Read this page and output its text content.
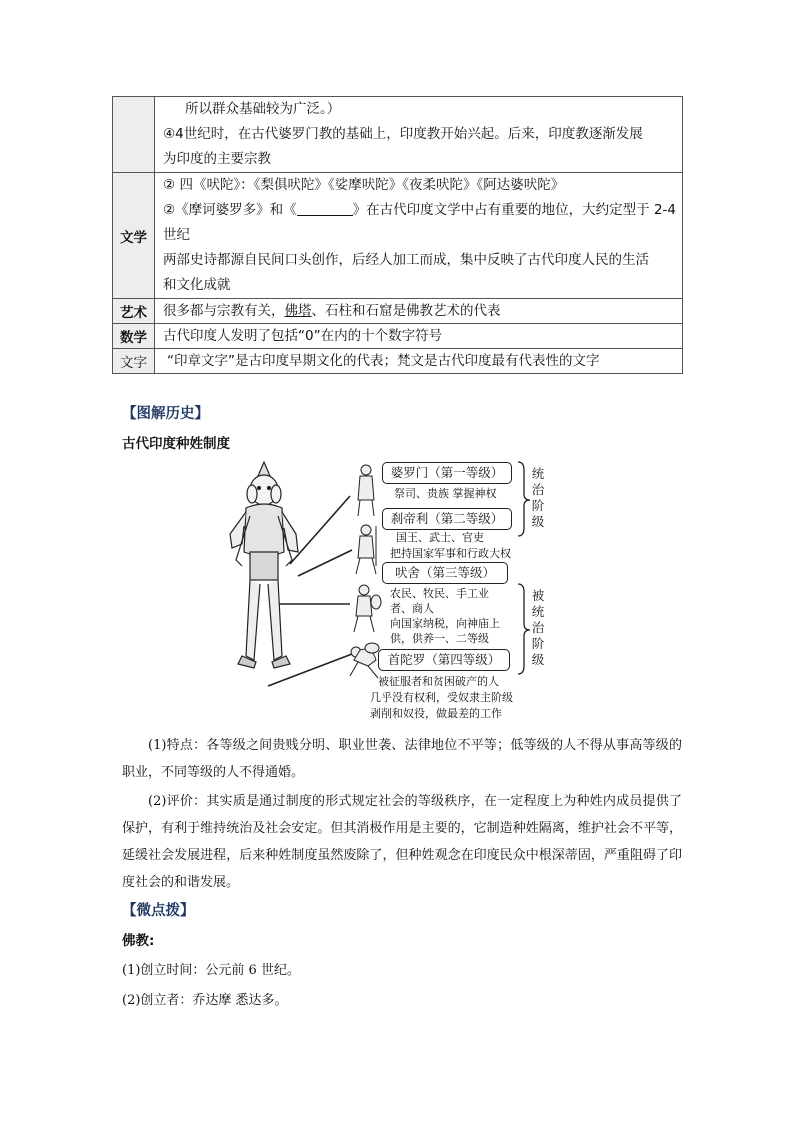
	所以群众基础较为广泛。）
④4世纪时，在古代婆罗门教的基础上，印度教开始兴起。后来，印度教逐渐发展
为印度的主要宗教

文学	② 四《吠陀》：《梨俱吠陀》《娑摩吠陀》《夜柔吠陀》《阿达婆吠陀》
②《摩诃婆罗多》和《 》在古代印度文学中占有重要的地位，大约定型于 2-4
世纪
两部史诗都源自民间口头创作，后经人加工而成，集中反映了古代印度人民的生活
和文化成就

艺术	很多都与宗教有关，佛塔、石柱和石窟是佛教艺术的代表

数学	古代印度人发明了包括“0”在内的十个数字符号

文字	“印章文字”是古印度早期文化的代表；梵文是古代印度最有代表性的文字
【图解历史】
古代印度种姓制度
婆罗门（第一等级）
祭司、贵族 掌握神权
刹帝利（第二等级）
国王、武士、官吏
把持国家军事和行政大权
吠舍（第三等级）
农民、牧民、手工业
者、商人
向国家纳税，向神庙上
供，供养一、二等级
首陀罗（第四等级）
被征服者和贫困破产的人
几乎没有权利，受奴隶主阶级
剥削和奴役，做最差的工作
统
治
阶
级
被
统
治
阶
级

(1)特点：各等级之间贵贱分明、职业世袭、法律地位不平等；低等级的人不得从事高等级的职业，不同等级的人不得通婚。

(2)评价：其实质是通过制度的形式规定社会的等级秩序，在一定程度上为种姓内成员提供了保护，有利于维持统治及社会安定。但其消极作用是主要的，它制造种姓隔离，维护社会不平等，延缓社会发展进程，后来种姓制度虽然废除了，但种姓观念在印度民众中根深蒂固，严重阻碍了印度社会的和谐发展。

【微点拨】
佛教:
(1)创立时间：公元前 6 世纪。
(2)创立者：乔达摩 悉达多。
